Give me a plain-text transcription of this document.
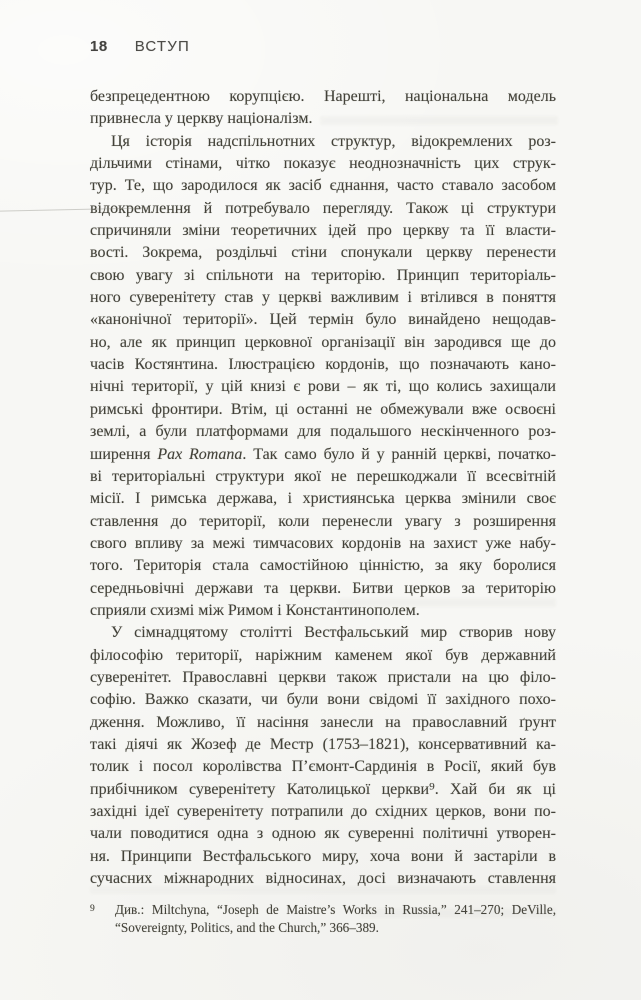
18 ВСТУП
безпрецедентною корупцією. Нарешті, національна модель
привнесла у церкву націоналізм.
Ця історія надспільнотних структур, відокремлених роз-
дільчими стінами, чітко показує неоднозначність цих струк-
тур. Те, що зародилося як засіб єднання, часто ставало засобом
відокремлення й потребувало перегляду. Також ці структури
спричиняли зміни теоретичних ідей про церкву та її власти-
вості. Зокрема, роздільчі стіни спонукали церкву перенести
свою увагу зі спільноти на територію. Принцип територіаль-
ного суверенітету став у церкві важливим і втілився в поняття
«канонічної території». Цей термін було винайдено нещодав-
но, але як принцип церковної організації він зародився ще до
часів Костянтина. Ілюстрацією кордонів, що позначають кано-
нічні території, у цій книзі є рови – як ті, що колись захищали
римські фронтири. Втім, ці останні не обмежували вже освоєні
землі, а були платформами для подальшого нескінченного роз-
ширення Pax Romana. Так само було й у ранній церкві, початко-
ві територіальні структури якої не перешкоджали її всесвітній
місії. І римська держава, і християнська церква змінили своє
ставлення до території, коли перенесли увагу з розширення
свого впливу за межі тимчасових кордонів на захист уже набу-
того. Територія стала самостійною цінністю, за яку боролися
середньовічні держави та церкви. Битви церков за територію
сприяли схизмі між Римом і Константинополем.
У сімнадцятому столітті Вестфальський мир створив нову
філософію території, наріжним каменем якої був державний
суверенітет. Православні церкви також пристали на цю філо-
софію. Важко сказати, чи були вони свідомі її західного похо-
дження. Можливо, її насіння занесли на православний ґрунт
такі діячі як Жозеф де Местр (1753–1821), консервативний ка-
толик і посол королівства П’ємонт-Сардинія в Росії, який був
прибічником суверенітету Католицької церкви⁹. Хай би як ці
західні ідеї суверенітету потрапили до східних церков, вони по-
чали поводитися одна з одною як суверенні політичні утворен-
ня. Принципи Вестфальського миру, хоча вони й застаріли в
сучасних міжнародних відносинах, досі визначають ставлення
9	Див.: Miltchyna, “Joseph de Maistre’s Works in Russia,” 241–270; DeVille,
“Sovereignty, Politics, and the Church,” 366–389.
